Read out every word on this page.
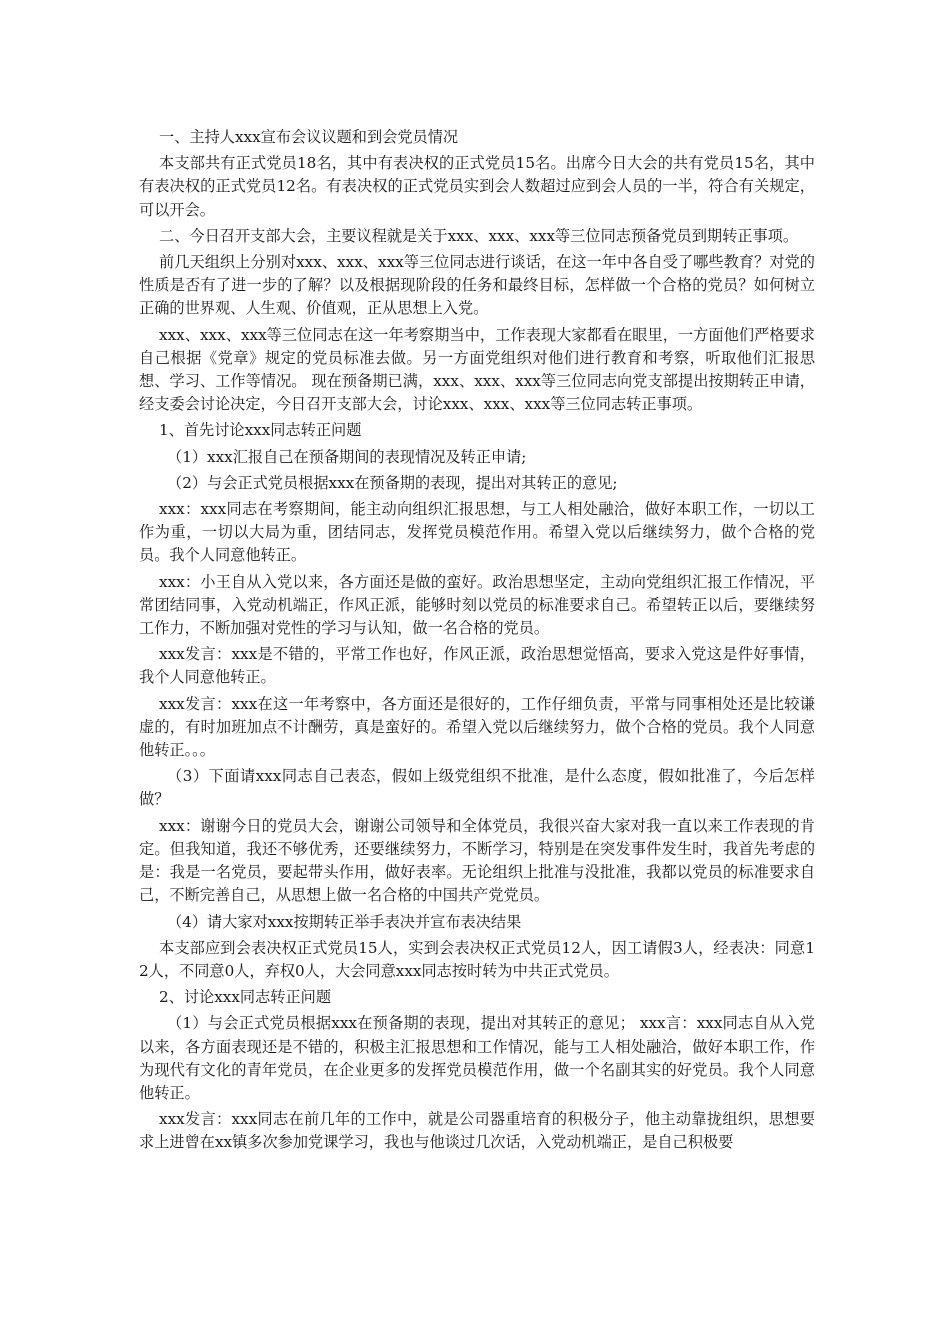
一、主持人xxx宣布会议议题和到会党员情况

本支部共有正式党员18名，其中有表决权的正式党员15名。出席今日大会的共有党员15名，其中有表决权的正式党员12名。有表决权的正式党员实到会人数超过应到会人员的一半，符合有关规定，可以开会。

二、今日召开支部大会，主要议程就是关于xxx、xxx、xxx等三位同志预备党员到期转正事项。

前几天组织上分别对xxx、xxx、xxx等三位同志进行谈话，在这一年中各自受了哪些教育？对党的性质是否有了进一步的了解？以及根据现阶段的任务和最终目标，怎样做一个合格的党员？如何树立正确的世界观、人生观、价值观，正从思想上入党。

xxx、xxx、xxx等三位同志在这一年考察期当中，工作表现大家都看在眼里，一方面他们严格要求自己根据《党章》规定的党员标准去做。另一方面党组织对他们进行教育和考察，听取他们汇报思想、学习、工作等情况。 现在预备期已满，xxx、xxx、xxx等三位同志向党支部提出按期转正申请，经支委会讨论决定，今日召开支部大会，讨论xxx、xxx、xxx等三位同志转正事项。

1、首先讨论xxx同志转正问题

（1）xxx汇报自己在预备期间的表现情况及转正申请;

（2）与会正式党员根据xxx在预备期的表现，提出对其转正的意见;

xxx：xxx同志在考察期间，能主动向组织汇报思想，与工人相处融洽，做好本职工作，一切以工作为重，一切以大局为重，团结同志，发挥党员模范作用。希望入党以后继续努力，做个合格的党员。我个人同意他转正。

xxx：小王自从入党以来，各方面还是做的蛮好。政治思想坚定，主动向党组织汇报工作情况，平常团结同事，入党动机端正，作风正派，能够时刻以党员的标准要求自己。希望转正以后，要继续努工作力，不断加强对党性的学习与认知，做一名合格的党员。

xxx发言：xxx是不错的，平常工作也好，作风正派，政治思想觉悟高，要求入党这是件好事情，我个人同意他转正。

xxx发言：xxx在这一年考察中，各方面还是很好的，工作仔细负责，平常与同事相处还是比较谦虚的，有时加班加点不计酬劳，真是蛮好的。希望入党以后继续努力，做个合格的党员。我个人同意他转正。。。

（3）下面请xxx同志自己表态，假如上级党组织不批准，是什么态度，假如批准了，今后怎样做？

xxx：谢谢今日的党员大会，谢谢公司领导和全体党员，我很兴奋大家对我一直以来工作表现的肯定。但我知道，我还不够优秀，还要继续努力，不断学习，特别是在突发事件发生时，我首先考虑的是：我是一名党员，要起带头作用，做好表率。无论组织上批准与没批准，我都以党员的标准要求自己，不断完善自己，从思想上做一名合格的中国共产党党员。

（4）请大家对xxx按期转正举手表决并宣布表决结果

本支部应到会表决权正式党员15人，实到会表决权正式党员12人，因工请假3人，经表决：同意12人，不同意0人，弃权0人，大会同意xxx同志按时转为中共正式党员。

2、讨论xxx同志转正问题

（1）与会正式党员根据xxx在预备期的表现，提出对其转正的意见； xxx言：xxx同志自从入党以来，各方面表现还是不错的，积极主汇报思想和工作情况，能与工人相处融洽，做好本职工作，作为现代有文化的青年党员，在企业更多的发挥党员模范作用，做一个名副其实的好党员。我个人同意他转正。

xxx发言：xxx同志在前几年的工作中，就是公司器重培育的积极分子，他主动靠拢组织，思想要求上进曾在xx镇多次参加党课学习，我也与他谈过几次话，入党动机端正，是自己积极要
